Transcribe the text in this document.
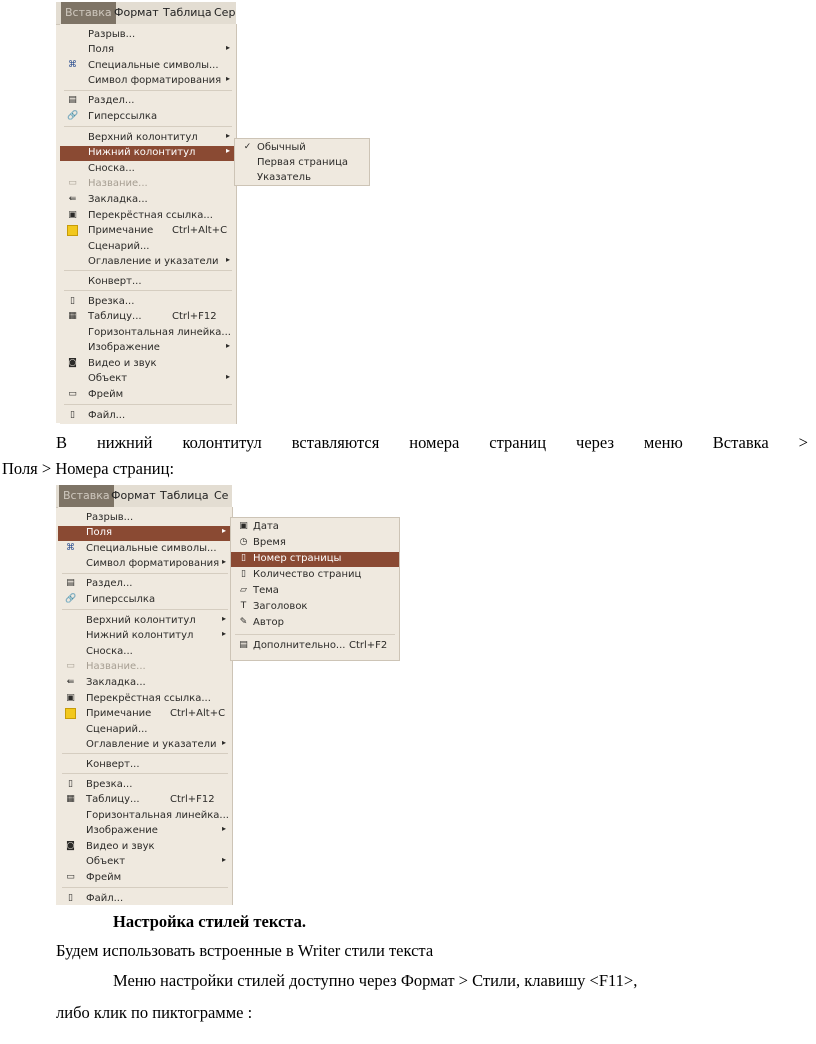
Вставка Формат Таблица Сер
Разрыв...
Поля	▸
⌘ Специальные символы...
Символ форматирования ▸
▤ Раздел...
🔗 Гиперссылка
Верхний колонтитул	▸
Нижний колонтитул	▸
Сноска...
▭ Название...
⇚ Закладка...
▣ Перекрёстная ссылка...
Примечание Ctrl+Alt+C
Сценарий...
Оглавление и указатели ▸
Конверт...
▯	Врезка...
▦ Таблицу...	Ctrl+F12
Горизонтальная линейка...
Изображение	▸
◙ Видео и звук
Объект	▸
▭ Фрейм
▯	Файл...
✓ Обычный
Первая страница
Указатель
В нижний колонтитул вставляются номера страниц через меню Вставка >
Поля > Номера страниц:
Вставка Формат Таблица Се
Разрыв...
Поля	▸
⌘ Специальные символы...
Символ форматирования ▸
▤ Раздел...
🔗 Гиперссылка
Верхний колонтитул	▸
Нижний колонтитул	▸
Сноска...
▭ Название...
⇚ Закладка...
▣ Перекрёстная ссылка...
Примечание Ctrl+Alt+C
Сценарий...
Оглавление и указатели ▸
Конверт...
▯	Врезка...
▦ Таблицу...	Ctrl+F12
Горизонтальная линейка...
Изображение	▸
◙ Видео и звук
Объект	▸
▭ Фрейм
▯	Файл...
▣ Дата
◷ Время
▯ Номер страницы
▯ Количество страниц
▱ Тема
T Заголовок
✎ Автор
▤ Дополнительно... Ctrl+F2
Настройка стилей текста.
Будем использовать встроенные в Writer стили текста
Меню настройки стилей доступно через Формат > Стили, клавишу <F11>,
либо клик по пиктограмме :
